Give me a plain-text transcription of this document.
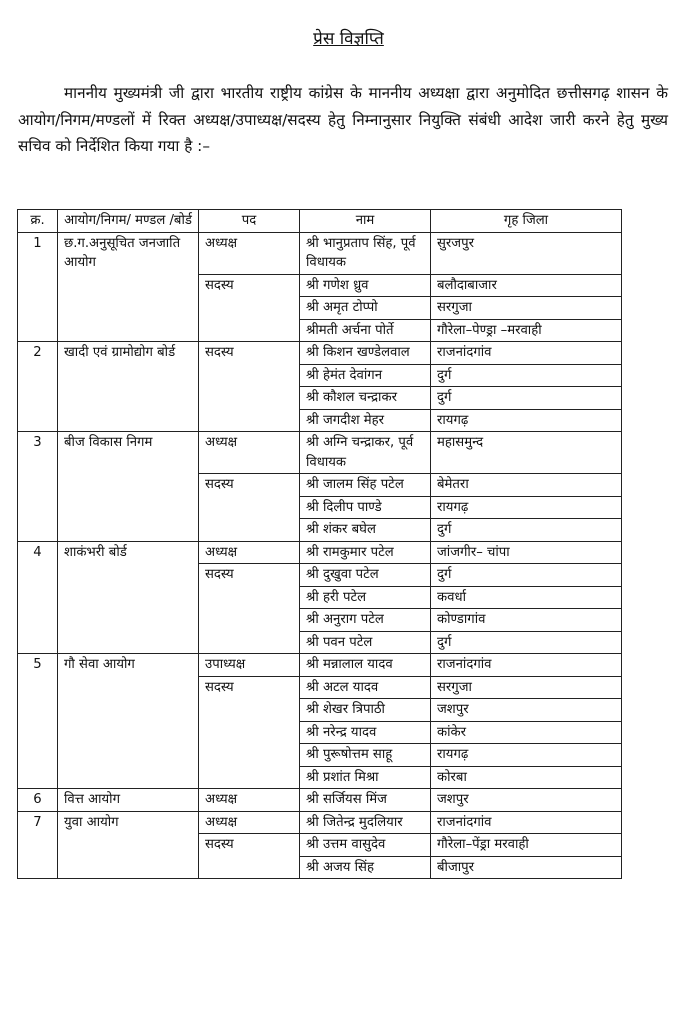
प्रेस विज्ञप्ति
माननीय मुख्यमंत्री जी द्वारा भारतीय राष्ट्रीय कांग्रेस के माननीय अध्यक्षा द्वारा अनुमोदित छत्तीसगढ़ शासन के आयोग/निगम/मण्डलों में रिक्त अध्यक्ष/उपाध्यक्ष/सदस्य हेतु निम्नानुसार नियुक्ति संबंधी आदेश जारी करने हेतु मुख्य सचिव को निर्देशित किया गया है :–
क्र.	आयोग/निगम/ मण्डल /बोर्ड	पद	नाम	गृह जिला
1	छ.ग.अनुसूचित जनजाति आयोग	अध्यक्ष	श्री भानुप्रताप सिंह, पूर्व विधायक	सुरजपुर
		सदस्य	श्री गणेश ध्रुव	बलौदाबाजार
			श्री अमृत टोप्पो	सरगुजा
			श्रीमती अर्चना पोर्ते	गौरेला–पेण्ड्रा –मरवाही
2	खादी एवं ग्रामोद्योग बोर्ड	सदस्य	श्री किशन खण्डेलवाल	राजनांदगांव
			श्री हेमंत देवांगन	दुर्ग
			श्री कौशल चन्द्राकर	दुर्ग
			श्री जगदीश मेहर	रायगढ़
3	बीज विकास निगम	अध्यक्ष	श्री अग्नि चन्द्राकर, पूर्व विधायक	महासमुन्द
		सदस्य	श्री जालम सिंह पटेल	बेमेतरा
			श्री दिलीप पाण्डे	रायगढ़
			श्री शंकर बघेल	दुर्ग
4	शाकंभरी बोर्ड	अध्यक्ष	श्री रामकुमार पटेल	जांजगीर– चांपा
		सदस्य	श्री दुखुवा पटेल	दुर्ग
			श्री हरी पटेल	कवर्धा
			श्री अनुराग पटेल	कोण्डागांव
			श्री पवन पटेल	दुर्ग
5	गौ सेवा आयोग	उपाध्यक्ष	श्री मन्नालाल यादव	राजनांदगांव
		सदस्य	श्री अटल यादव	सरगुजा
			श्री शेखर त्रिपाठी	जशपुर
			श्री नरेन्द्र यादव	कांकेर
			श्री पुरूषोत्तम साहू	रायगढ़
			श्री प्रशांत मिश्रा	कोरबा
6	वित्त आयोग	अध्यक्ष	श्री सर्जियस मिंज	जशपुर
7	युवा आयोग	अध्यक्ष	श्री जितेन्द्र मुदलियार	राजनांदगांव
		सदस्य	श्री उत्तम वासुदेव	गौरेला–पेंड्रा मरवाही
			श्री अजय सिंह	बीजापुर
